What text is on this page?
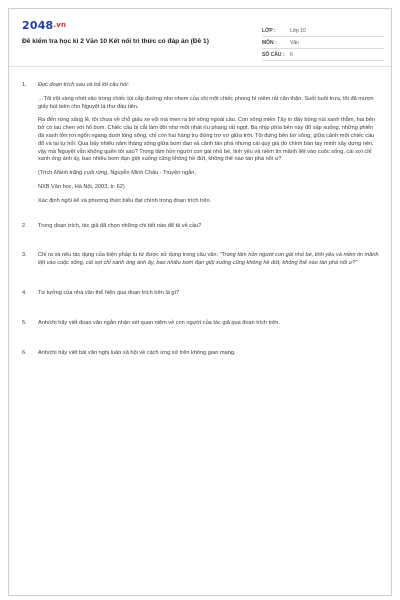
2048.vn
Đề kiểm tra học kì 2 Văn 10 Kết nối tri thức có đáp án (Đề 1)
LỚP :	Lớp 10
MÔN :	Văn
SỐ CÂU :	6
1.	Đọc đoạn trích sau và trả lời câu hỏi:

…Tôi vội vàng nhét vào trong chiếc túi cấp đường nho nhem của chị một chiếc phong bì niêm rất cẩn thận. Suốt buổi trưa, tôi đã mượn giấy bút biên cho Nguyệt lá thư đầu tiên.

Ra đến rừng săng lẻ, tôi chưa về chỗ giấu xe vội mà men ra bờ sông ngoài cầu. Con sông miền Tây in đầy bóng núi xanh thẫm, hai bên bờ có lau chen với hố bom. Chiếc cầu bị cắt làm đôi như một nhát rìu phang rất ngọt. Ba nhịp phía bên này đổ sập xuống, những phiến đá xanh lởn rơi ngổn ngang dưới lòng sông, chỉ còn hai hàng trụ đứng trơ vơ giữa trời. Tôi đứng bên bờ sông, giữa cảnh một chiếc cầu đổ và lại tự hỏi: Qua bấy nhiêu năm tháng sống giữa bom đạn và cảnh tàn phá nhưng cái quý giá do chính bàn tay mình xây dựng nên, vậy mà Nguyệt vẫn không quên tôi sao? Trong tâm hồn người con gái nhỏ bé, tinh yêu và niềm tin mãnh liệt vào cuộc sống, cái sợi chỉ xanh óng ánh ấy, bao nhiêu bom đạn giội xuống cũng không hề đứt, không thể nào tàn phá nổi ư?

(Trích Mảnh trăng cuối rừng, Nguyễn Minh Châu - Truyện ngắn,

NXB Văn học, Hà Nội, 2003, tr. 62)

Xác định ngôi kể và phương thức biểu đạt chính trong đoạn trích trên.

2.	Trong đoạn trích, tác giả đã chọn những chi tiết nào để tả về cầu?
3.	Chỉ ra và nêu tác dụng của biện pháp tu từ được sử dụng trong câu văn: "Trong tâm hồn người con gái nhỏ bé, tinh yêu và niềm tin mãnh liệt vào cuộc sống, cái sợi chỉ xanh óng ánh ấy, bao nhiêu bom đạn giội xuống cũng không hề đứt, không thể nào tàn phá nổi ư?"
4.	Tư tưởng của nhà văn thể hiện qua đoạn trích trên là gì?
5.	Anh/chị hãy viết đoạn văn ngắn nhận xét quan niệm về con người của tác giả qua đoạn trích trên.
6.	Anh/chị hãy viết bài văn nghị luận xã hội về cách ứng xử trên không gian mạng.
